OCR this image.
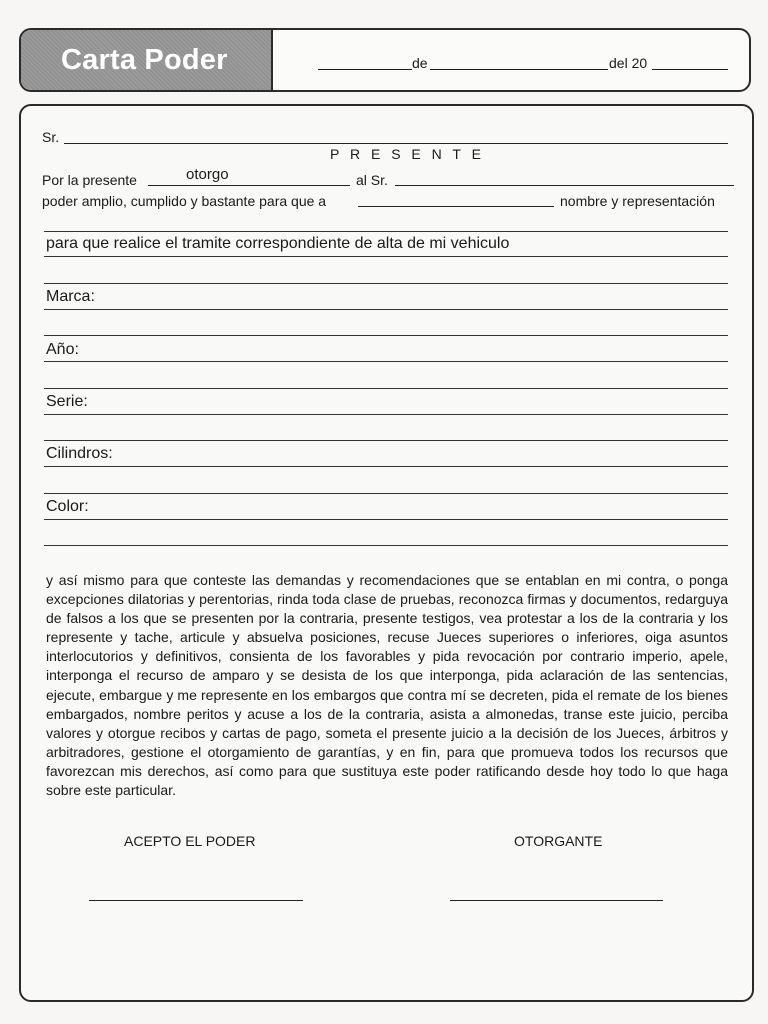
Carta Poder	de	del 20
Sr.
P R E S E N T E
Por la presente	otorgo	al Sr.
poder amplio, cumplido y bastante para que a	nombre y representación
para que realice el tramite correspondiente de alta de mi vehiculo
Marca:
Año:
Serie:
Cilindros:
Color:
y así mismo para que conteste las demandas y recomendaciones que se entablan en mi contra, o ponga excepciones dilatorias y perentorias, rinda toda clase de pruebas, reconozca firmas y documentos, redarguya de falsos a los que se presenten por la contraria, presente testigos, vea protestar a los de la contraria y los represente y tache, articule y absuelva posiciones, recuse Jueces superiores o inferiores, oiga asuntos interlocutorios y definitivos, consienta de los favorables y pida revocación por contrario imperio, apele, interponga el recurso de amparo y se desista de los que interponga, pida aclaración de las sentencias, ejecute, embargue y me represente en los embargos que contra mí se decreten, pida el remate de los bienes embargados, nombre peritos y acuse a los de la contraria, asista a almonedas, transe este juicio, perciba valores y otorgue recibos y cartas de pago, someta el presente juicio a la decisión de los Jueces, árbitros y arbitradores, gestione el otorgamiento de garantías, y en fin, para que promueva todos los recursos que favorezcan mis derechos, así como para que sustituya este poder ratificando desde hoy todo lo que haga sobre este particular.
ACEPTO EL PODER	OTORGANTE
